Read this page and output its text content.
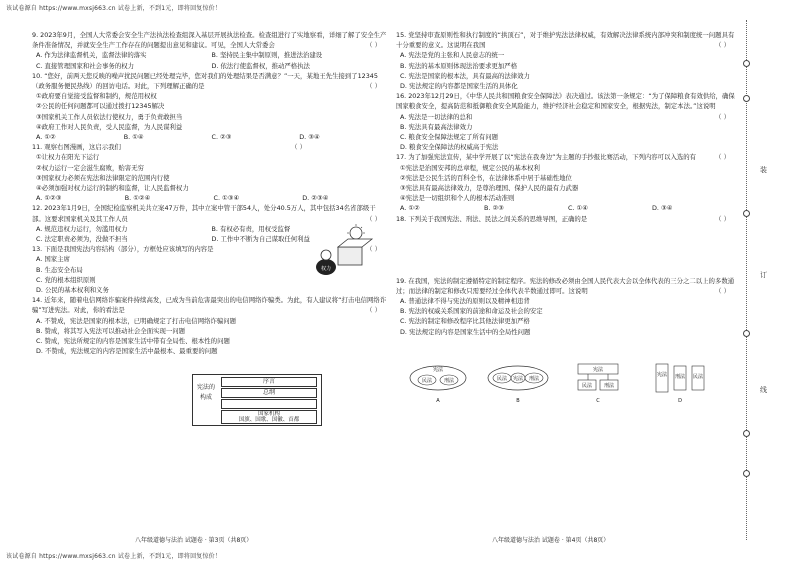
该试卷源自 https://www.mxsj663.cn 试卷上新，不到1元，即将回复惊价！
该试卷源自 https://www.mxsj663.cn 试卷上新，不到1元，即将回复惊价！
9. 2023年9月，全国人大常委会安全生产法执法检查组深入基层开展执法检查。检查组进行了实地察看，详细了解了安全生产条件准备情况，并就安全生产工作存在的问题提出意见和建议。可见，全国人大常委会	（ ）
A. 作为法律监督机关，监督法律的落实	B. 坚持民主集中制原则，推进法治建设
C. 直接管理国家和社会事务的权力	D. 依法行使监督权，推动严格执法
10. “您好，前两天您反映的噪声扰民问题已经处理完毕，您对我们的处理结果是否满意？”一天，某地王先生接到了12345（政务服务便民热线）的回访电话。对此，下列理解正确的是	（ ）
①政府要自觉接受监督和制约，规范用权权
②公民的任何问题都可以通过拨打12345解决
③国家机关工作人员依法行使权力，勇于负责敢担当
④政府工作对人民负责，受人民监督，为人民谋利益
A. ①②	B. ①④	C. ②③	D. ③④
11. 观察右图漫画，这启示我们	（ ）
①让权力在阳光下运行
②权力运行一定会滋生腐败，贻害无穷
③国家权力必须在宪法和法律限定的范围内行使
④必须加强对权力运行的制约和监督，让人民监督权力
A. ①②③	B. ①②④	C. ①③④	D. ②③④
12. 2023年1月9日，全国纪检监察机关共立案47万件，其中立案中管干部54人，处分40.5万人，其中包括34名省部级干部。这要求国家机关及其工作人员	（ ）
A. 规范违权力运行，勿滥用权力	B. 有权必有责，用权受监督
C. 法定职责必须为，没做不担当	D. 工作中不断为自己谋取任何利益
13. 下面是我国宪法内容结构（部分），方框处应该填写的内容是	（ ）
A. 国家主席
B. 生态安全布局
C. 党的根本组织原则
D. 公民的基本权利和义务
14. 近年来，随着电信网络诈骗案件持续高发，已成为当前危害最突出的电信网络诈骗类。为此，有人建议将“打击电信网络诈骗”写进宪法。对此，你的看法是	（ ）
A. 不赞成，宪法是国家的根本法，已明确规定了打击电信网络诈骗问题
B. 赞成，将其写入宪法可以推动社会全面实现一问题
C. 赞成，宪法所规定的内容是国家生活中带有全局性、根本性的问题
D. 不赞成，宪法规定的内容是国家生活中最根本、最重要的问题
权力
宪法的构成
序言
总纲
国家机构
国旗、国歌、国徽、首都
15. 党坚持审查原则性和执行制度的“拱顶石”，对于维护宪法法律权威，有效解决法律系统内部冲突和制度统一问题具有十分重要的意义。这说明在我国	（ ）
A. 宪法是党的主张和人民意志的统一
B. 宪法的基本原则体现法治要求更加严格
C. 宪法是国家的根本法，具有最高的法律效力
D. 宪法规定的内容都是国家生活的具体化
16. 2023年12月29日，《中华人民共和国粮食安全保障法》表决通过。该法第一条规定：“为了保障粮食有效供给，确保国家粮食安全，提高防范和抵御粮食安全风险能力，维护经济社会稳定和国家安全，根据宪法，制定本法。”这说明
（ ）
A. 宪法是一切法律的总和
B. 宪法具有最高法律效力
C. 粮食安全保障法规定了所有问题
D. 粮食安全保障法的权威高于宪法
17. 为了加强宪法宣传，某中学开展了以“宪法在我身边”为主题的手抄报比赛活动，下列内容可以入选的有	（ ）
①宪法是治国安邦的总章程，规定公民的基本权利
②宪法是公民生活的百科全书，在法律体系中居于基础性地位
③宪法具有最高法律效力，是尊治理国、保护人民的最有力武器
④宪法是一切组织和个人的根本活动准则
A. ①②	B. ②③	C. ①④	D. ③④
18. 下列关于我国宪法、刑法、民法之间关系的思维导图，正确的是	（ ）
19. 在我国，宪法的制定遵循特定的制定程序。宪法的修改必须由全国人民代表大会以全体代表的三分之二以上的多数通过；而法律的制定和修改只需要经过全体代表半数通过即可。这说明	（ ）
A. 普通法律不得与宪法的原则以及精神相违背
B. 宪法的权威关系国家的前途和命运及社会的安定
C. 宪法的制定和修改程序比其他法律更加严格
D. 宪法规定的内容是国家生活中的全局性问题
宪法
民法 刑法
A
民法 宪法 刑法
B
宪法
民法 刑法
C
宪法 刑法 民法
D
装
订
线
八年级道德与法治 试题卷 · 第3页（共8页）	八年级道德与法治 试题卷 · 第4页（共8页）
